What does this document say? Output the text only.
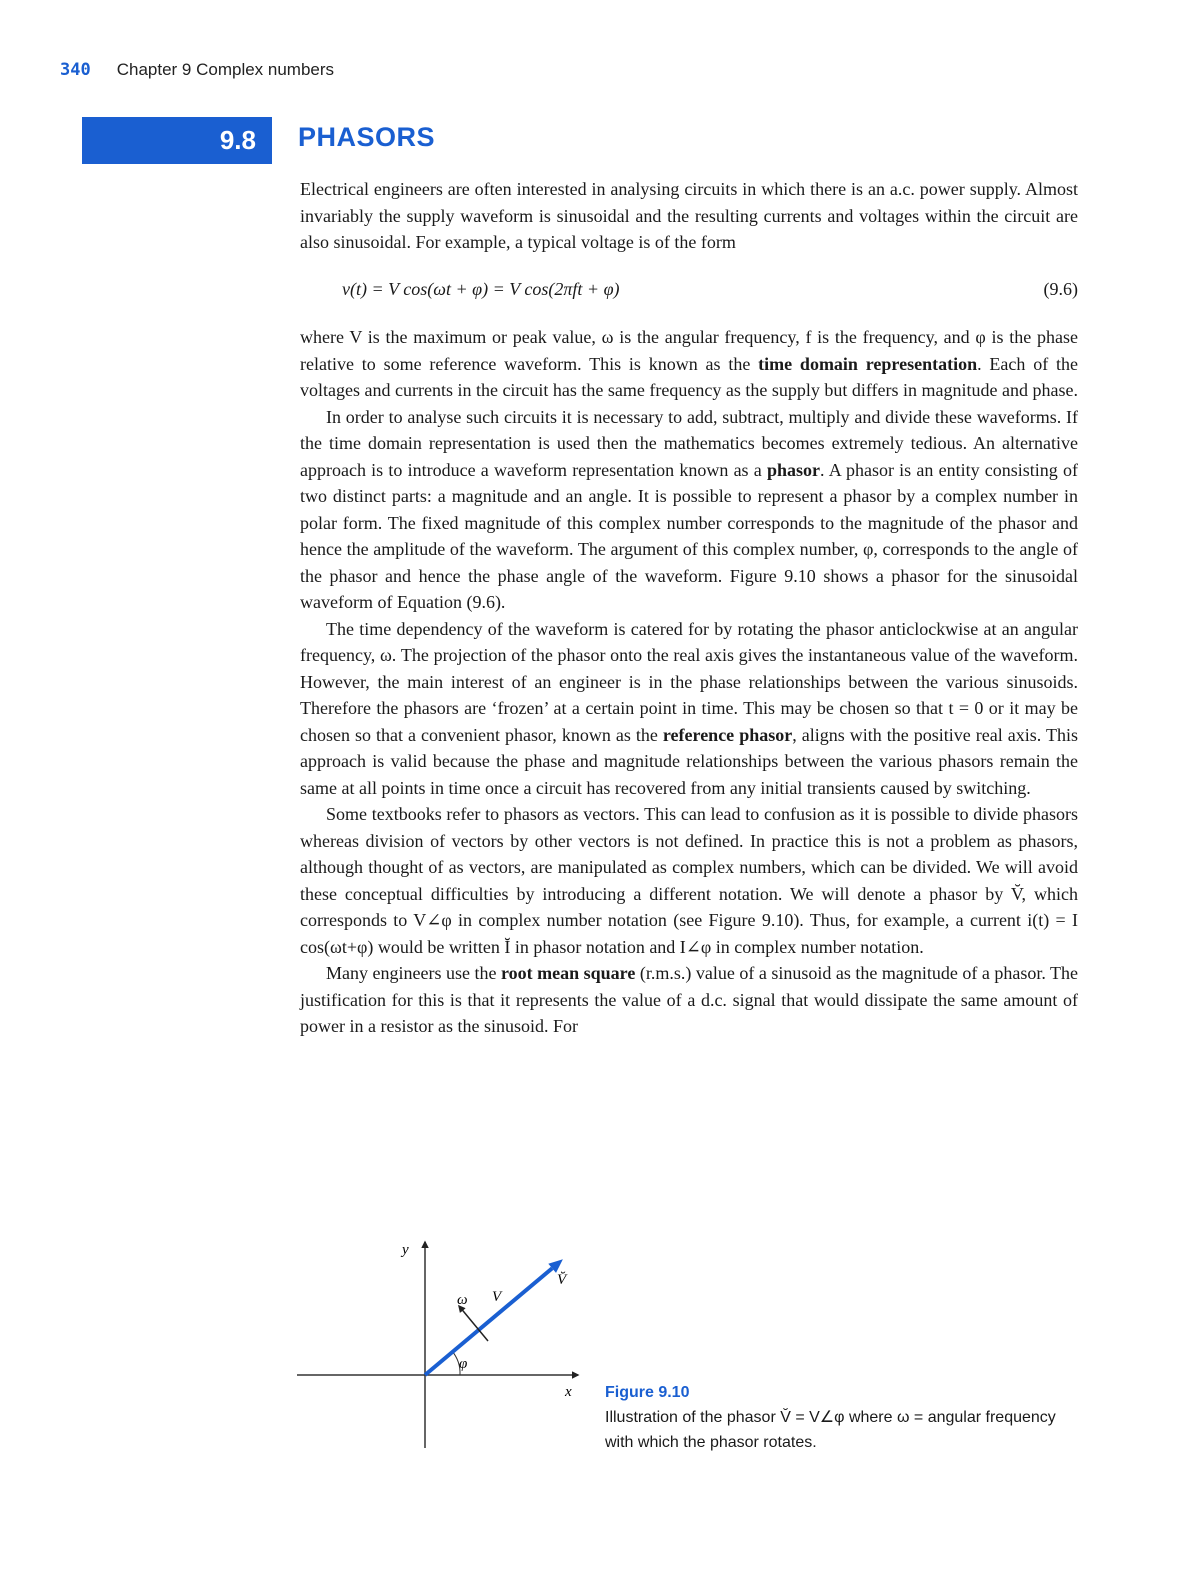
340 Chapter 9 Complex numbers
9.8 PHASORS

Electrical engineers are often interested in analysing circuits in which there is an a.c. power supply. Almost invariably the supply waveform is sinusoidal and the resulting currents and voltages within the circuit are also sinusoidal. For example, a typical voltage is of the form

v(t) = V cos(ωt + φ) = V cos(2πft + φ)	(9.6)

where V is the maximum or peak value, ω is the angular frequency, f is the frequency, and φ is the phase relative to some reference waveform. This is known as the time domain representation. Each of the voltages and currents in the circuit has the same frequency as the supply but differs in magnitude and phase.

In order to analyse such circuits it is necessary to add, subtract, multiply and divide these waveforms. If the time domain representation is used then the mathematics becomes extremely tedious. An alternative approach is to introduce a waveform representation known as a phasor. A phasor is an entity consisting of two distinct parts: a magnitude and an angle. It is possible to represent a phasor by a complex number in polar form. The fixed magnitude of this complex number corresponds to the magnitude of the phasor and hence the amplitude of the waveform. The argument of this complex number, φ, corresponds to the angle of the phasor and hence the phase angle of the waveform. Figure 9.10 shows a phasor for the sinusoidal waveform of Equation (9.6).

The time dependency of the waveform is catered for by rotating the phasor anticlockwise at an angular frequency, ω. The projection of the phasor onto the real axis gives the instantaneous value of the waveform. However, the main interest of an engineer is in the phase relationships between the various sinusoids. Therefore the phasors are ‘frozen’ at a certain point in time. This may be chosen so that t = 0 or it may be chosen so that a convenient phasor, known as the reference phasor, aligns with the positive real axis. This approach is valid because the phase and magnitude relationships between the various phasors remain the same at all points in time once a circuit has recovered from any initial transients caused by switching.

Some textbooks refer to phasors as vectors. This can lead to confusion as it is possible to divide phasors whereas division of vectors by other vectors is not defined. In practice this is not a problem as phasors, although thought of as vectors, are manipulated as complex numbers, which can be divided. We will avoid these conceptual difficulties by introducing a different notation. We will denote a phasor by V̆, which corresponds to V∠φ in complex number notation (see Figure 9.10). Thus, for example, a current i(t) = I cos(ωt+φ) would be written Ĭ in phasor notation and I∠φ in complex number notation.

Many engineers use the root mean square (r.m.s.) value of a sinusoid as the magnitude of a phasor. The justification for this is that it represents the value of a d.c. signal that would dissipate the same amount of power in a resistor as the sinusoid. For

y
x
φ
ω V
V̆
Figure 9.10
Illustration of the phasor V̆ = V∠φ where ω = angular frequency with which the phasor rotates.
